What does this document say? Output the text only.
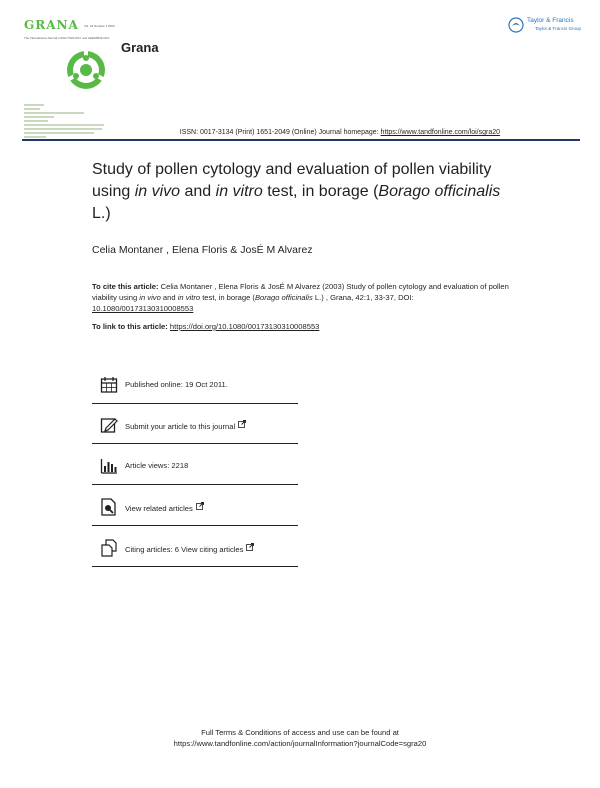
GRANA Vol. 42 Number 1 2003
The International Journal of PALYNOLOGY and AEROBIOLOGY
Grana
Taylor & Francis
Taylor & Francis Group
ISSN: 0017-3134 (Print) 1651-2049 (Online) Journal homepage: https://www.tandfonline.com/loi/sgra20
Study of pollen cytology and evaluation of pollen viability using in vivo and in vitro test, in borage (Borago officinalis L.)
Celia Montaner , Elena Floris & JosÉ M Alvarez
To cite this article: Celia Montaner , Elena Floris & JosÉ M Alvarez (2003) Study of pollen cytology and evaluation of pollen viability using in vivo and in vitro test, in borage (Borago officinalis L.) , Grana, 42:1, 33-37, DOI: 10.1080/00173130310008553
To link to this article: https://doi.org/10.1080/00173130310008553
Published online: 19 Oct 2011.
Submit your article to this journal
Article views: 2218
View related articles
Citing articles: 6 View citing articles
Full Terms & Conditions of access and use can be found at
https://www.tandfonline.com/action/journalInformation?journalCode=sgra20
